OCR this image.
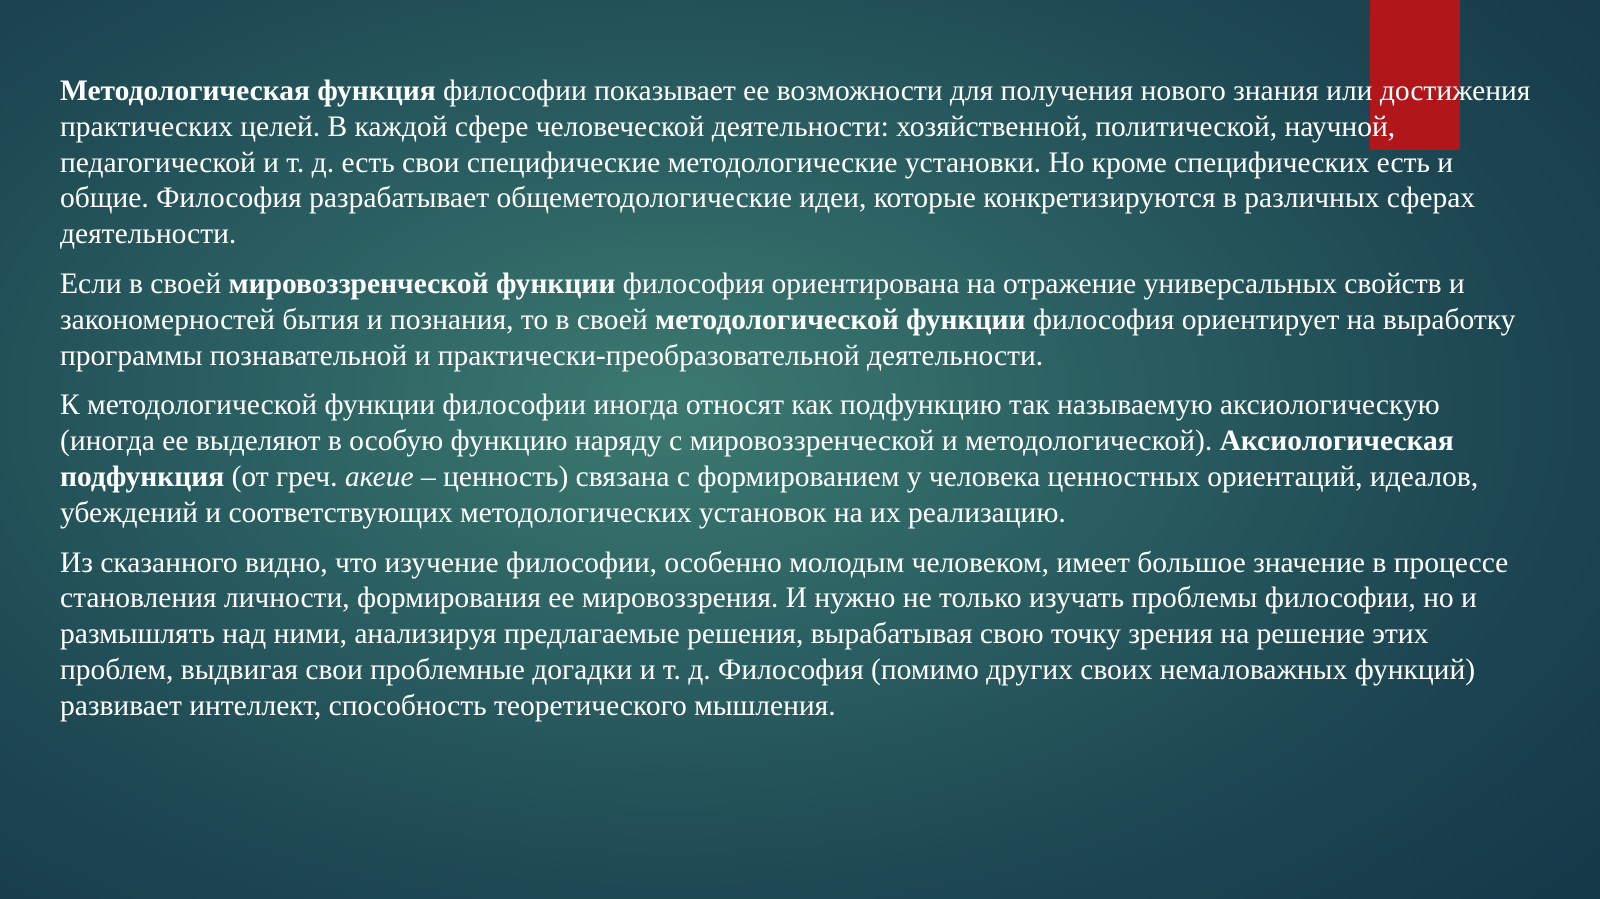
Методологическая функция философии показывает ее возможности для получения нового знания или достижения практических целей. В каждой сфере человеческой деятельности: хозяйственной, политической, научной, педагогической и т. д. есть свои специфические методологические установки. Но кроме специфических есть и общие. Философия разрабатывает общеметодологические идеи, которые конкретизируются в различных сферах деятельности.

Если в своей мировоззренческой функции философия ориентирована на отражение универсальных свойств и закономерностей бытия и познания, то в своей методологической функции философия ориентирует на выработку программы познавательной и практически-преобразовательной деятельности.

К методологической функции философии иногда относят как подфункцию так называемую аксиологическую (иногда ее выделяют в особую функцию наряду с мировоззренческой и методологической). Аксиологическая подфункция (от греч. акеие – ценность) связана с формированием у человека ценностных ориентаций, идеалов, убеждений и соответствующих методологических установок на их реализацию.

Из сказанного видно, что изучение философии, особенно молодым человеком, имеет большое значение в процессе становления личности, формирования ее мировоззрения. И нужно не только изучать проблемы философии, но и размышлять над ними, анализируя предлагаемые решения, вырабатывая свою точку зрения на решение этих проблем, выдвигая свои проблемные догадки и т. д. Философия (помимо других своих немаловажных функций) развивает интеллект, способность теоретического мышления.
